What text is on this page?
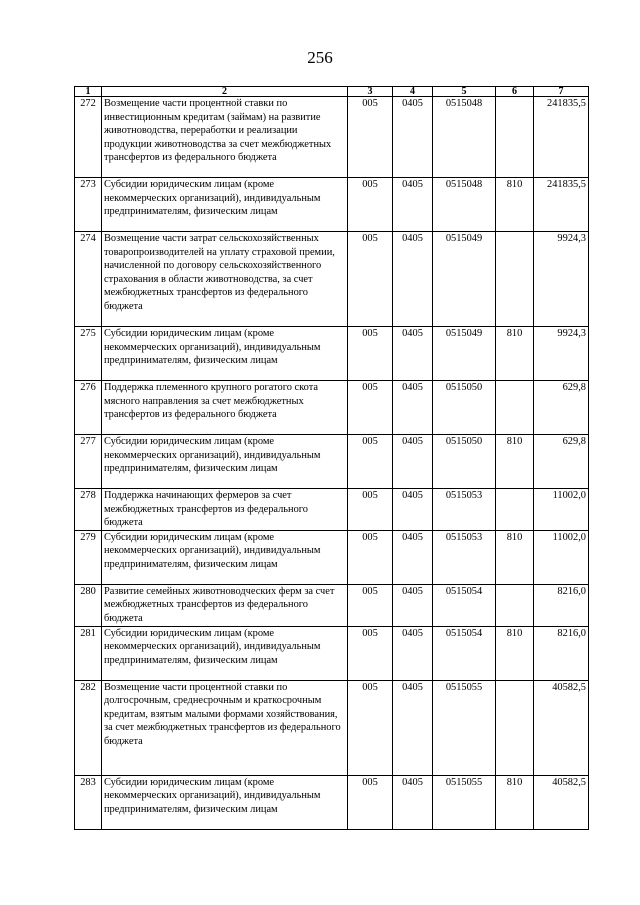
256
1	2	3	4	5	6	7
272	Возмещение части процентной ставки по инвестиционным кредитам (займам) на развитие животноводства, переработки и реализации продукции животноводства за счет межбюджетных трансфертов из федерального бюджета	005	0405	0515048		241835,5
273	Субсидии юридическим лицам (кроме некоммерческих организаций), индивидуальным предпринимателям, физическим лицам	005	0405	0515048	810	241835,5
274	Возмещение части затрат сельскохозяйственных товаропроизводителей на уплату страховой премии, начисленной по договору сельскохозяйственного страхования в области животноводства, за счет межбюджетных трансфертов из федерального бюджета	005	0405	0515049		9924,3
275	Субсидии юридическим лицам (кроме некоммерческих организаций), индивидуальным предпринимателям, физическим лицам	005	0405	0515049	810	9924,3
276	Поддержка племенного крупного рогатого скота мясного направления за счет межбюджетных трансфертов из федерального бюджета	005	0405	0515050		629,8
277	Субсидии юридическим лицам (кроме некоммерческих организаций), индивидуальным предпринимателям, физическим лицам	005	0405	0515050	810	629,8
278	Поддержка начинающих фермеров за счет межбюджетных трансфертов из федерального бюджета	005	0405	0515053		11002,0
279	Субсидии юридическим лицам (кроме некоммерческих организаций), индивидуальным предпринимателям, физическим лицам	005	0405	0515053	810	11002,0
280	Развитие семейных животноводческих ферм за счет межбюджетных трансфертов из федерального бюджета	005	0405	0515054		8216,0
281	Субсидии юридическим лицам (кроме некоммерческих организаций), индивидуальным предпринимателям, физическим лицам	005	0405	0515054	810	8216,0
282	Возмещение части процентной ставки по долгосрочным, среднесрочным и краткосрочным кредитам, взятым малыми формами хозяйствования, за счет межбюджетных трансфертов из федерального бюджета	005	0405	0515055		40582,5
283	Субсидии юридическим лицам (кроме некоммерческих организаций), индивидуальным предпринимателям, физическим лицам	005	0405	0515055	810	40582,5
